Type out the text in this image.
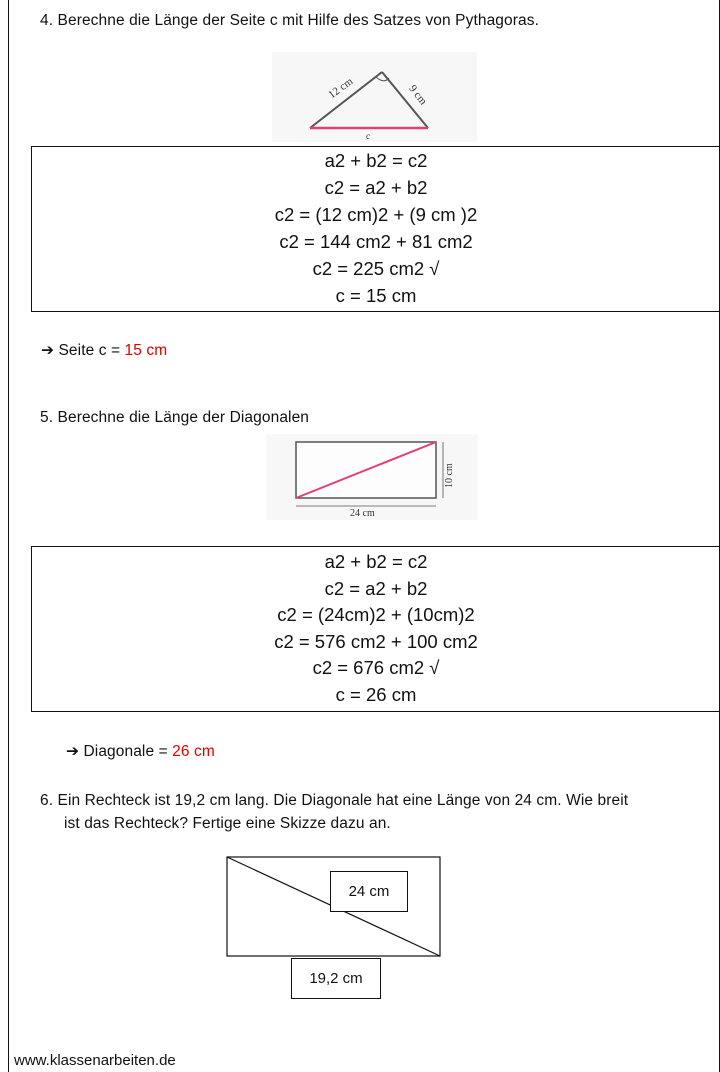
4. Berechne die Länge der Seite c mit Hilfe des Satzes von Pythagoras.
12 cm	9 cm
c
a2 + b2 = c2
c2 = a2 + b2
c2 = (12 cm)2 + (9 cm )2
c2 = 144 cm2 + 81 cm2
c2 = 225 cm2 √
c = 15 cm
➔ Seite c = 15 cm
5. Berechne die Länge der Diagonalen
24 cm
10 cm
a2 + b2 = c2
c2 = a2 + b2
c2 = (24cm)2 + (10cm)2
c2 = 576 cm2 + 100 cm2
c2 = 676 cm2 √
c = 26 cm
➔ Diagonale = 26 cm
6. Ein Rechteck ist 19,2 cm lang. Die Diagonale hat eine Länge von 24 cm. Wie breit
ist das Rechteck? Fertige eine Skizze dazu an.
24 cm
19,2 cm
www.klassenarbeiten.de
